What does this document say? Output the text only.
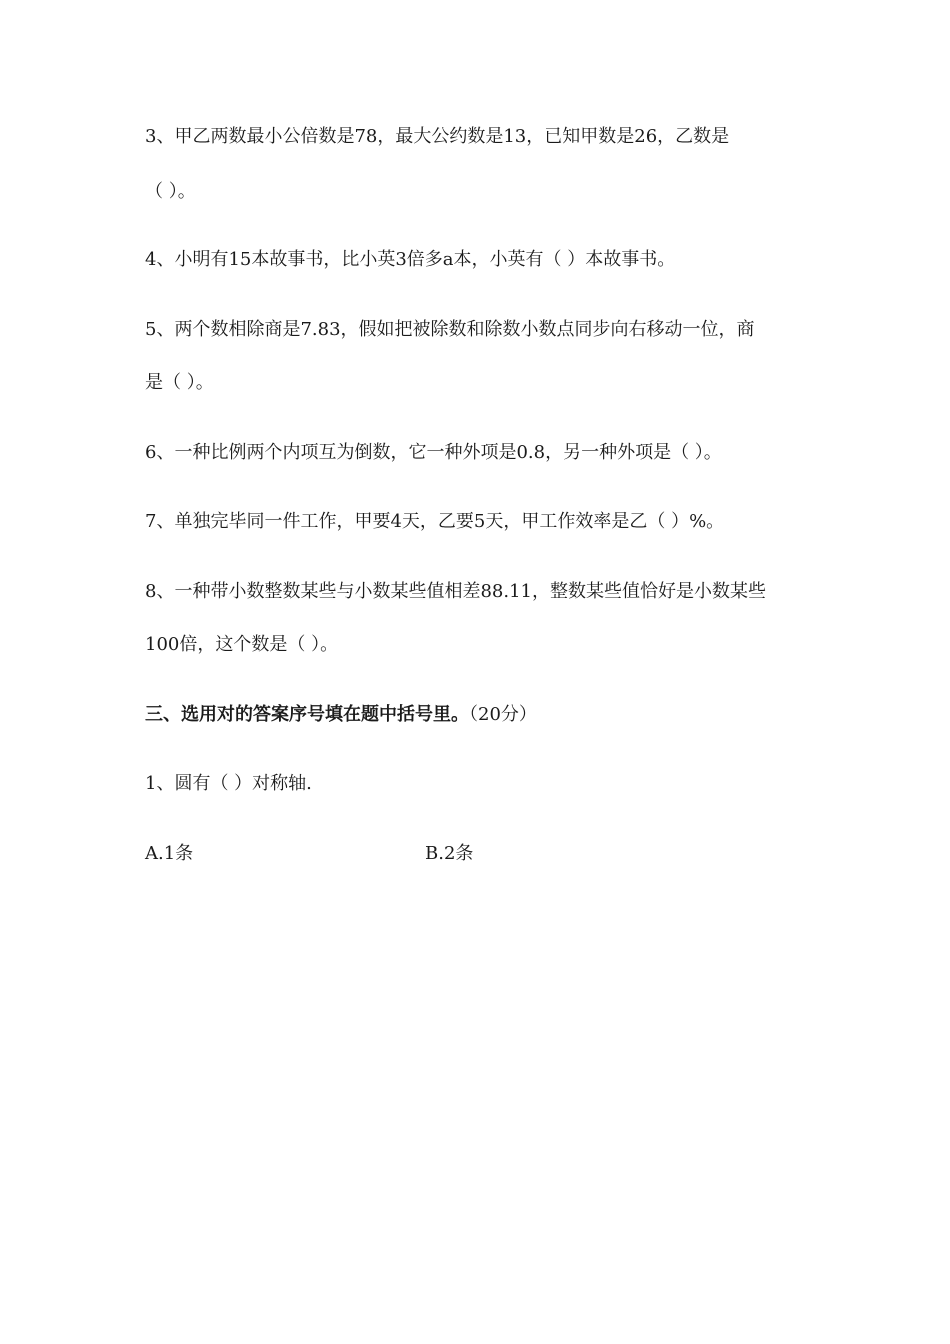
3、甲乙两数最小公倍数是78，最大公约数是13，已知甲数是26，乙数是
（ ）。
4、小明有15本故事书，比小英3倍多a本，小英有（ ）本故事书。
5、两个数相除商是7.83，假如把被除数和除数小数点同步向右移动一位，商
是（ ）。
6、一种比例两个内项互为倒数，它一种外项是0.8，另一种外项是（ ）。
7、单独完毕同一件工作，甲要4天，乙要5天，甲工作效率是乙（ ）%。
8、一种带小数整数某些与小数某些值相差88.11，整数某些值恰好是小数某些
100倍，这个数是（ ）。
三、选用对的答案序号填在题中括号里。（20分）
1、圆有（ ）对称轴.
A.1条	B.2条
